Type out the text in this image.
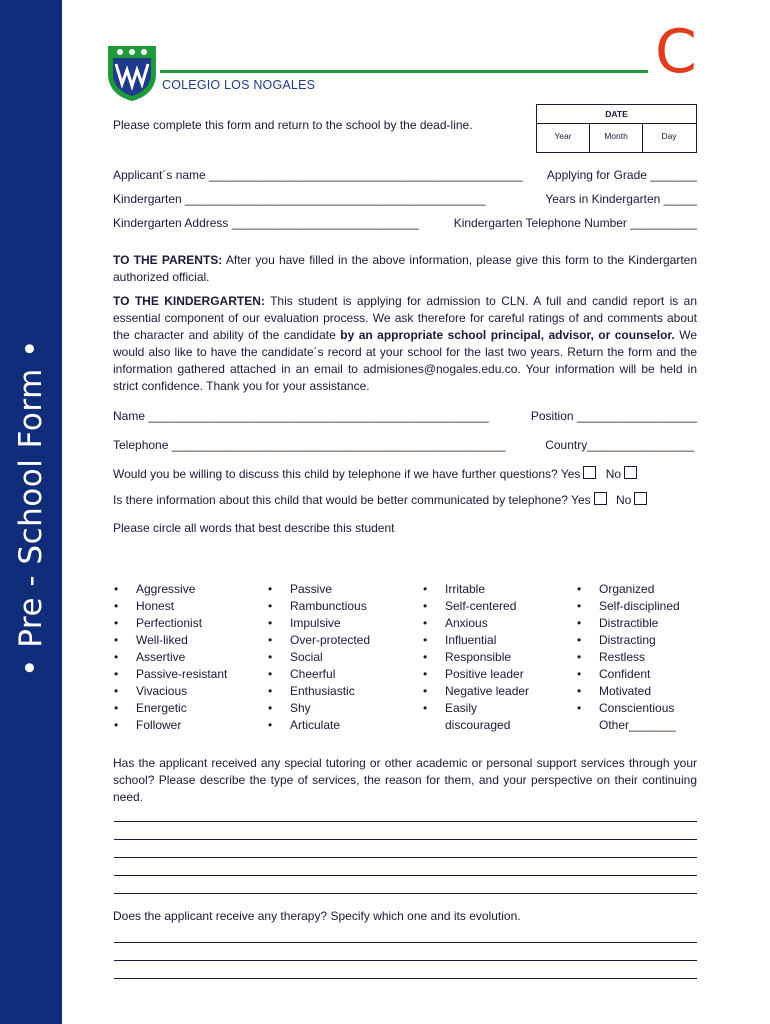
• Pre - School Form •
COLEGIO LOS NOGALES	C
Please complete this form and return to the school by the dead-line.
DATE
Year	Month	Day
Applicant´s name _______________________________________________ Applying for Grade _______
Kindergarten _____________________________________________	Years in Kindergarten _____
Kindergarten Address ____________________________	Kindergarten Telephone Number __________
TO THE PARENTS: After you have filled in the above information, please give this form to the Kindergarten authorized official.
TO THE KINDERGARTEN: This student is applying for admission to CLN. A full and candid report is an essential component of our evaluation process. We ask therefore for careful ratings of and comments about the character and ability of the candidate by an appropriate school principal, advisor, or counselor. We would also like to have the candidate´s record at your school for the last two years. Return the form and the information gathered attached in an email to admisiones@nogales.edu.co. Your information will be held in strict confidence. Thank you for your assistance.
Name ___________________________________________________	Position __________________
Telephone __________________________________________________	Country________________
Would you be willing to discuss this child by telephone if we have further questions? Yes No
Is there information about this child that would be better communicated by telephone? Yes No
Please circle all words that best describe this student
• Aggressive
• Honest
• Perfectionist
• Well-liked
• Assertive
• Passive-resistant
• Vivacious
• Energetic
• Follower
• Passive
• Rambunctious
• Impulsive
• Over-protected
• Social
• Cheerful
• Enthusiastic
• Shy
• Articulate
• Irritable
• Self-centered
• Anxious
• Influential
• Responsible
• Positive leader
• Negative leader
• Easily
discouraged
• Organized
• Self-disciplined
• Distractible
• Distracting
• Restless
• Confident
• Motivated
• Conscientious
Other_______
Has the applicant received any special tutoring or other academic or personal support services through your school? Please describe the type of services, the reason for them, and your perspective on their continuing need.
Does the applicant receive any therapy? Specify which one and its evolution.
